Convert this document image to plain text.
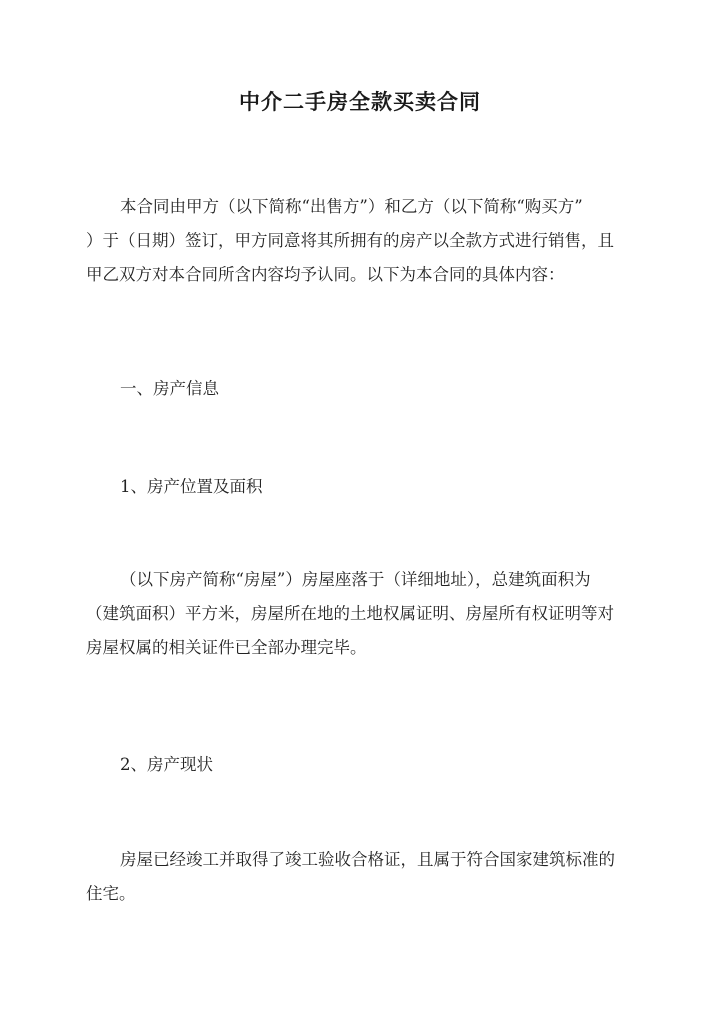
中介二手房全款买卖合同
本合同由甲方（以下简称“出售方”）和乙方（以下简称“购买方”
）于（日期）签订，甲方同意将其所拥有的房产以全款方式进行销售，且
甲乙双方对本合同所含内容均予认同。以下为本合同的具体内容：
一、房产信息
1、房产位置及面积
（以下房产简称“房屋”）房屋座落于（详细地址），总建筑面积为
（建筑面积）平方米，房屋所在地的土地权属证明、房屋所有权证明等对
房屋权属的相关证件已全部办理完毕。
2、房产现状
房屋已经竣工并取得了竣工验收合格证，且属于符合国家建筑标准的
住宅。
